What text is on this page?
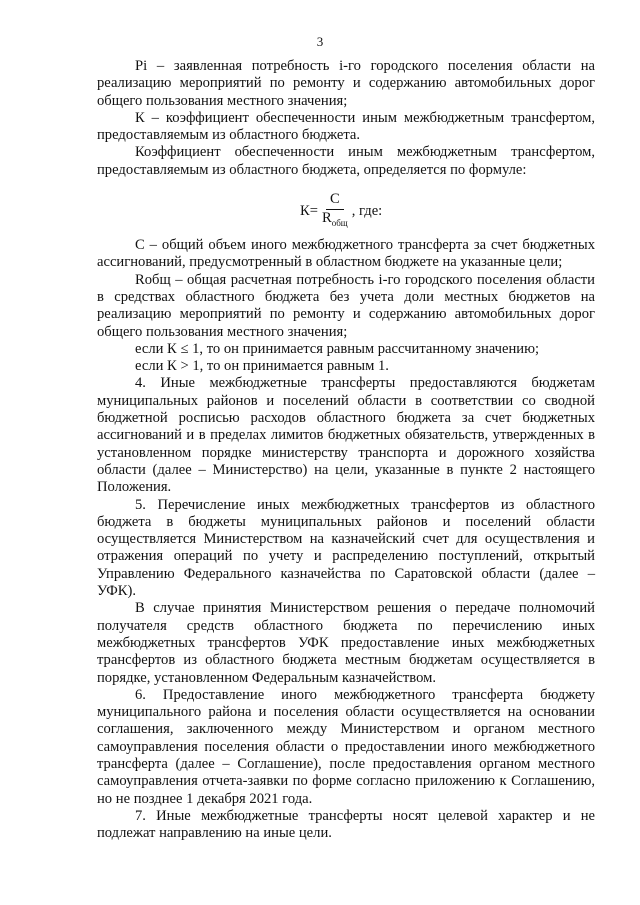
3

Рi – заявленная потребность i-го городского поселения области на реализацию мероприятий по ремонту и содержанию автомобильных дорог общего пользования местного значения;

К – коэффициент обеспеченности иным межбюджетным трансфертом, предоставляемым из областного бюджета.

Коэффициент обеспеченности иным межбюджетным трансфертом, предоставляемым из областного бюджета, определяется по формуле:

$К= \frac{С}{R_{общ}}$ , где:

С – общий объем иного межбюджетного трансферта за счет бюджетных ассигнований, предусмотренный в областном бюджете на указанные цели;

Rобщ – общая расчетная потребность i-го городского поселения области в средствах областного бюджета без учета доли местных бюджетов на реализацию мероприятий по ремонту и содержанию автомобильных дорог общего пользования местного значения;

если К ≤ 1, то он принимается равным рассчитанному значению;

если К > 1, то он принимается равным 1.

4. Иные межбюджетные трансферты предоставляются бюджетам муниципальных районов и поселений области в соответствии со сводной бюджетной росписью расходов областного бюджета за счет бюджетных ассигнований и в пределах лимитов бюджетных обязательств, утвержденных в установленном порядке министерству транспорта и дорожного хозяйства области (далее – Министерство) на цели, указанные в пункте 2 настоящего Положения.

5. Перечисление иных межбюджетных трансфертов из областного бюджета в бюджеты муниципальных районов и поселений области осуществляется Министерством на казначейский счет для осуществления и отражения операций по учету и распределению поступлений, открытый Управлению Федерального казначейства по Саратовской области (далее – УФК).

В случае принятия Министерством решения о передаче полномочий получателя средств областного бюджета по перечислению иных межбюджетных трансфертов УФК предоставление иных межбюджетных трансфертов из областного бюджета местным бюджетам осуществляется в порядке, установленном Федеральным казначейством.

6. Предоставление иного межбюджетного трансферта бюджету муниципального района и поселения области осуществляется на основании соглашения, заключенного между Министерством и органом местного самоуправления поселения области о предоставлении иного межбюджетного трансферта (далее – Соглашение), после предоставления органом местного самоуправления отчета-заявки по форме согласно приложению к Соглашению, но не позднее 1 декабря 2021 года.

7. Иные межбюджетные трансферты носят целевой характер и не подлежат направлению на иные цели.
